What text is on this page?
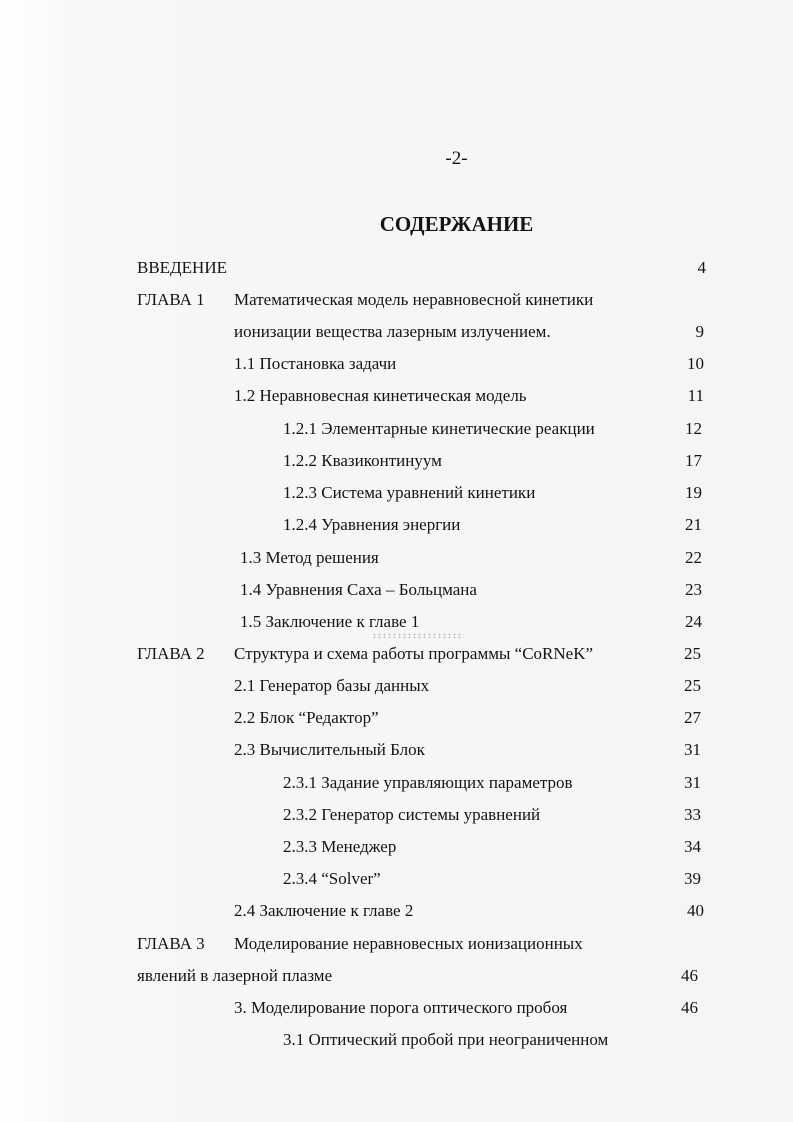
-2-
СОДЕРЖАНИЕ
ВВЕДЕНИЕ	4
ГЛАВА 1 Математическая модель неравновесной кинетики
ионизации вещества лазерным излучением.	9
1.1 Постановка задачи	10
1.2 Неравновесная кинетическая модель	11
1.2.1 Элементарные кинетические реакции	12
1.2.2 Квазиконтинуум	17
1.2.3 Система уравнений кинетики	19
1.2.4 Уравнения энергии	21
1.3 Метод решения	22
1.4 Уравнения Саха – Больцмана	23
1.5 Заключение к главе 1	24
ГЛАВА 2 Структура и схема работы программы “CoRNeK”	25
2.1 Генератор базы данных	25
2.2 Блок “Редактор”	27
2.3 Вычислительный Блок	31
2.3.1 Задание управляющих параметров	31
2.3.2 Генератор системы уравнений	33
2.3.3 Менеджер	34
2.3.4 “Solver”	39
2.4 Заключение к главе 2	40
ГЛАВА 3 Моделирование неравновесных ионизационных
явлений в лазерной плазме	46
3. Моделирование порога оптического пробоя	46
3.1 Оптический пробой при неограниченном
